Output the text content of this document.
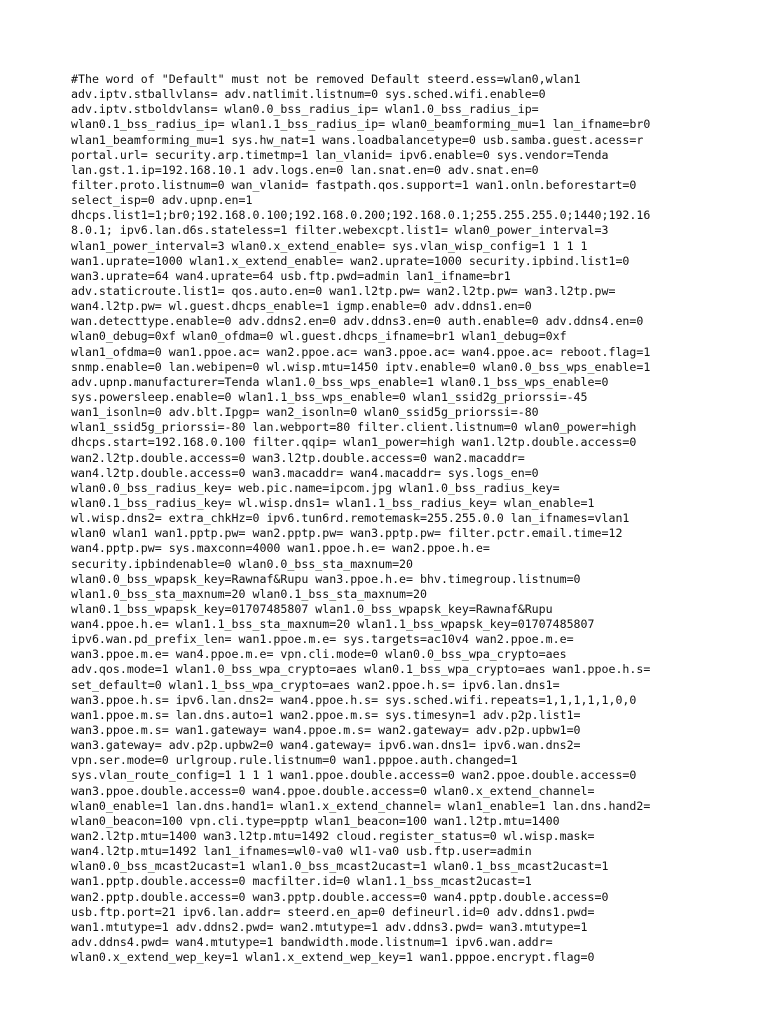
#The word of "Default" must not be removed Default steerd.ess=wlan0,wlan1
adv.iptv.stballvlans= adv.natlimit.listnum=0 sys.sched.wifi.enable=0
adv.iptv.stboldvlans= wlan0.0_bss_radius_ip= wlan1.0_bss_radius_ip=
wlan0.1_bss_radius_ip= wlan1.1_bss_radius_ip= wlan0_beamforming_mu=1 lan_ifname=br0
wlan1_beamforming_mu=1 sys.hw_nat=1 wans.loadbalancetype=0 usb.samba.guest.acess=r
portal.url= security.arp.timetmp=1 lan_vlanid= ipv6.enable=0 sys.vendor=Tenda
lan.gst.1.ip=192.168.10.1 adv.logs.en=0 lan.snat.en=0 adv.snat.en=0
filter.proto.listnum=0 wan_vlanid= fastpath.qos.support=1 wan1.onln.beforestart=0
select_isp=0 adv.upnp.en=1
dhcps.list1=1;br0;192.168.0.100;192.168.0.200;192.168.0.1;255.255.255.0;1440;192.16
8.0.1; ipv6.lan.d6s.stateless=1 filter.webexcpt.list1= wlan0_power_interval=3
wlan1_power_interval=3 wlan0.x_extend_enable= sys.vlan_wisp_config=1 1 1 1
wan1.uprate=1000 wlan1.x_extend_enable= wan2.uprate=1000 security.ipbind.list1=0
wan3.uprate=64 wan4.uprate=64 usb.ftp.pwd=admin lan1_ifname=br1
adv.staticroute.list1= qos.auto.en=0 wan1.l2tp.pw= wan2.l2tp.pw= wan3.l2tp.pw=
wan4.l2tp.pw= wl.guest.dhcps_enable=1 igmp.enable=0 adv.ddns1.en=0
wan.detecttype.enable=0 adv.ddns2.en=0 adv.ddns3.en=0 auth.enable=0 adv.ddns4.en=0
wlan0_debug=0xf wlan0_ofdma=0 wl.guest.dhcps_ifname=br1 wlan1_debug=0xf
wlan1_ofdma=0 wan1.ppoe.ac= wan2.ppoe.ac= wan3.ppoe.ac= wan4.ppoe.ac= reboot.flag=1
snmp.enable=0 lan.webipen=0 wl.wisp.mtu=1450 iptv.enable=0 wlan0.0_bss_wps_enable=1
adv.upnp.manufacturer=Tenda wlan1.0_bss_wps_enable=1 wlan0.1_bss_wps_enable=0
sys.powersleep.enable=0 wlan1.1_bss_wps_enable=0 wlan1_ssid2g_priorssi=-45
wan1_isonln=0 adv.blt.Ipgp= wan2_isonln=0 wlan0_ssid5g_priorssi=-80
wlan1_ssid5g_priorssi=-80 lan.webport=80 filter.client.listnum=0 wlan0_power=high
dhcps.start=192.168.0.100 filter.qqip= wlan1_power=high wan1.l2tp.double.access=0
wan2.l2tp.double.access=0 wan3.l2tp.double.access=0 wan2.macaddr=
wan4.l2tp.double.access=0 wan3.macaddr= wan4.macaddr= sys.logs_en=0
wlan0.0_bss_radius_key= web.pic.name=ipcom.jpg wlan1.0_bss_radius_key=
wlan0.1_bss_radius_key= wl.wisp.dns1= wlan1.1_bss_radius_key= wlan_enable=1
wl.wisp.dns2= extra_chkHz=0 ipv6.tun6rd.remotemask=255.255.0.0 lan_ifnames=vlan1
wlan0 wlan1 wan1.pptp.pw= wan2.pptp.pw= wan3.pptp.pw= filter.pctr.email.time=12
wan4.pptp.pw= sys.maxconn=4000 wan1.ppoe.h.e= wan2.ppoe.h.e=
security.ipbindenable=0 wlan0.0_bss_sta_maxnum=20
wlan0.0_bss_wpapsk_key=Rawnaf&Rupu wan3.ppoe.h.e= bhv.timegroup.listnum=0
wlan1.0_bss_sta_maxnum=20 wlan0.1_bss_sta_maxnum=20
wlan0.1_bss_wpapsk_key=01707485807 wlan1.0_bss_wpapsk_key=Rawnaf&Rupu
wan4.ppoe.h.e= wlan1.1_bss_sta_maxnum=20 wlan1.1_bss_wpapsk_key=01707485807
ipv6.wan.pd_prefix_len= wan1.ppoe.m.e= sys.targets=ac10v4 wan2.ppoe.m.e=
wan3.ppoe.m.e= wan4.ppoe.m.e= vpn.cli.mode=0 wlan0.0_bss_wpa_crypto=aes
adv.qos.mode=1 wlan1.0_bss_wpa_crypto=aes wlan0.1_bss_wpa_crypto=aes wan1.ppoe.h.s=
set_default=0 wlan1.1_bss_wpa_crypto=aes wan2.ppoe.h.s= ipv6.lan.dns1=
wan3.ppoe.h.s= ipv6.lan.dns2= wan4.ppoe.h.s= sys.sched.wifi.repeats=1,1,1,1,1,0,0
wan1.ppoe.m.s= lan.dns.auto=1 wan2.ppoe.m.s= sys.timesyn=1 adv.p2p.list1=
wan3.ppoe.m.s= wan1.gateway= wan4.ppoe.m.s= wan2.gateway= adv.p2p.upbw1=0
wan3.gateway= adv.p2p.upbw2=0 wan4.gateway= ipv6.wan.dns1= ipv6.wan.dns2=
vpn.ser.mode=0 urlgroup.rule.listnum=0 wan1.pppoe.auth.changed=1
sys.vlan_route_config=1 1 1 1 wan1.ppoe.double.access=0 wan2.ppoe.double.access=0
wan3.ppoe.double.access=0 wan4.ppoe.double.access=0 wlan0.x_extend_channel=
wlan0_enable=1 lan.dns.hand1= wlan1.x_extend_channel= wlan1_enable=1 lan.dns.hand2=
wlan0_beacon=100 vpn.cli.type=pptp wlan1_beacon=100 wan1.l2tp.mtu=1400
wan2.l2tp.mtu=1400 wan3.l2tp.mtu=1492 cloud.register_status=0 wl.wisp.mask=
wan4.l2tp.mtu=1492 lan1_ifnames=wl0-va0 wl1-va0 usb.ftp.user=admin
wlan0.0_bss_mcast2ucast=1 wlan1.0_bss_mcast2ucast=1 wlan0.1_bss_mcast2ucast=1
wan1.pptp.double.access=0 macfilter.id=0 wlan1.1_bss_mcast2ucast=1
wan2.pptp.double.access=0 wan3.pptp.double.access=0 wan4.pptp.double.access=0
usb.ftp.port=21 ipv6.lan.addr= steerd.en_ap=0 defineurl.id=0 adv.ddns1.pwd=
wan1.mtutype=1 adv.ddns2.pwd= wan2.mtutype=1 adv.ddns3.pwd= wan3.mtutype=1
adv.ddns4.pwd= wan4.mtutype=1 bandwidth.mode.listnum=1 ipv6.wan.addr=
wlan0.x_extend_wep_key=1 wlan1.x_extend_wep_key=1 wan1.pppoe.encrypt.flag=0
